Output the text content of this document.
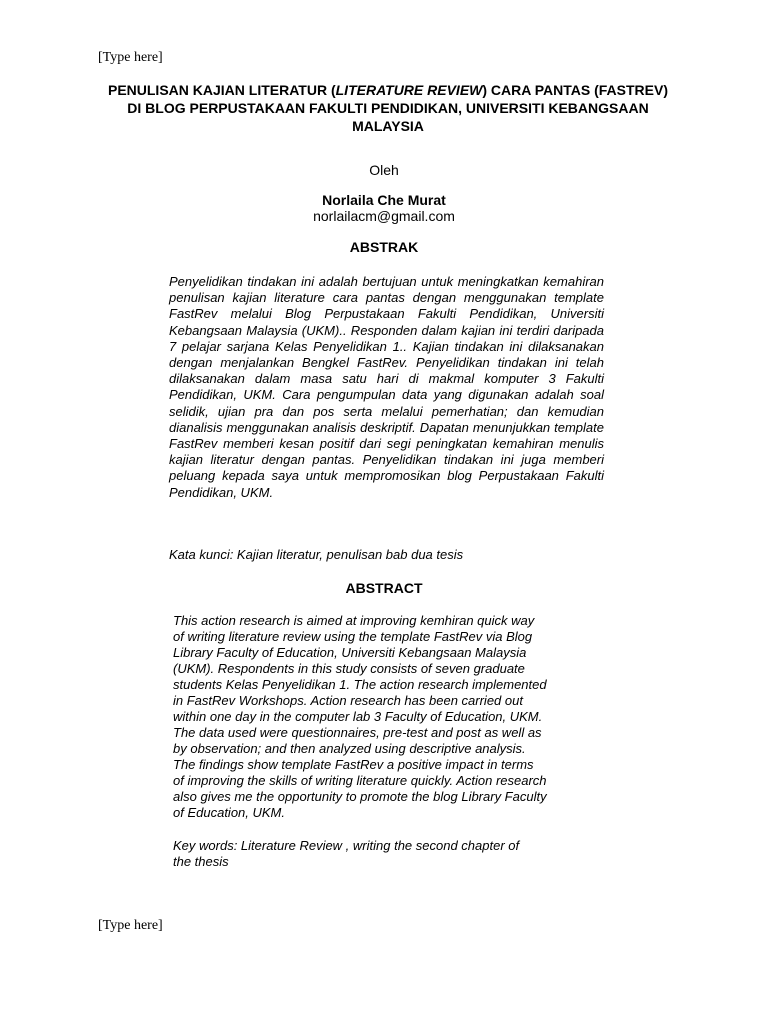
[Type here]
PENULISAN KAJIAN LITERATUR (LITERATURE REVIEW) CARA PANTAS (FASTREV) DI BLOG PERPUSTAKAAN FAKULTI PENDIDIKAN, UNIVERSITI KEBANGSAAN MALAYSIA
Oleh
Norlaila Che Murat
norlailacm@gmail.com
ABSTRAK
Penyelidikan tindakan ini adalah bertujuan untuk meningkatkan kemahiran penulisan kajian literature cara pantas dengan menggunakan template FastRev melalui Blog Perpustakaan Fakulti Pendidikan, Universiti Kebangsaan Malaysia (UKM).. Responden dalam kajian ini terdiri daripada 7 pelajar sarjana Kelas Penyelidikan 1.. Kajian tindakan ini dilaksanakan dengan menjalankan Bengkel FastRev. Penyelidikan tindakan ini telah dilaksanakan dalam masa satu hari di makmal komputer 3 Fakulti Pendidikan, UKM. Cara pengumpulan data yang digunakan adalah soal selidik, ujian pra dan pos serta melalui pemerhatian; dan kemudian dianalisis menggunakan analisis deskriptif. Dapatan menunjukkan template FastRev memberi kesan positif dari segi peningkatan kemahiran menulis kajian literatur dengan pantas. Penyelidikan tindakan ini juga memberi peluang kepada saya untuk mempromosikan blog Perpustakaan Fakulti Pendidikan, UKM.
Kata kunci: Kajian literatur, penulisan bab dua tesis
ABSTRACT
This action research is aimed at improving kemhiran quick way
of writing literature review using the template FastRev via Blog
Library Faculty of Education, Universiti Kebangsaan Malaysia
(UKM). Respondents in this study consists of seven graduate
students Kelas Penyelidikan 1. The action research implemented
in FastRev Workshops. Action research has been carried out
within one day in the computer lab 3 Faculty of Education, UKM.
The data used were questionnaires, pre-test and post as well as
by observation; and then analyzed using descriptive analysis.
The findings show template FastRev a positive impact in terms
of improving the skills of writing literature quickly. Action research
also gives me the opportunity to promote the blog Library Faculty
of Education, UKM.
Key words: Literature Review , writing the second chapter of
the thesis
[Type here]
